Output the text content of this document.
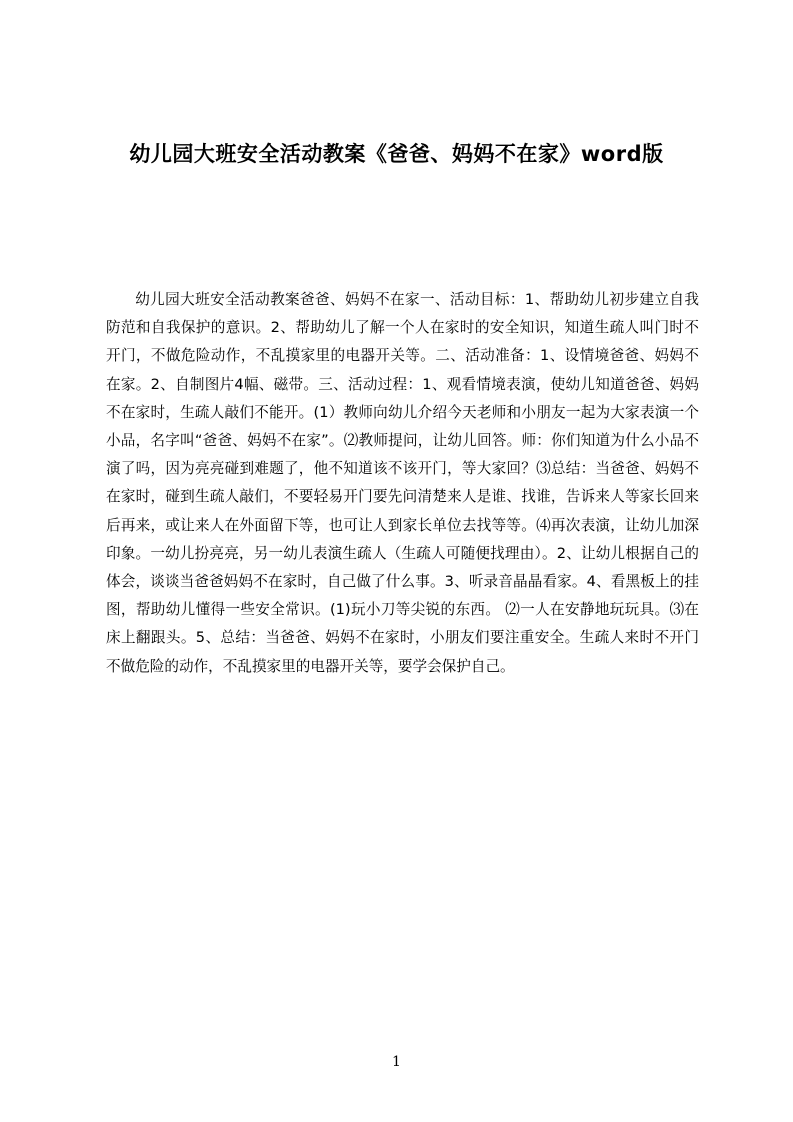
幼儿园大班安全活动教案《爸爸、妈妈不在家》word版
幼儿园大班安全活动教案爸爸、妈妈不在家一、活动目标：1、帮助幼儿初步建立自我防范和自我保护的意识。2、帮助幼儿了解一个人在家时的安全知识，知道生疏人叫门时不开门，不做危险动作，不乱摸家里的电器开关等。二、活动准备：1、设情境爸爸、妈妈不在家。2、自制图片4幅、磁带。三、活动过程：1、观看情境表演，使幼儿知道爸爸、妈妈不在家时，生疏人敲们不能开。(1）教师向幼儿介绍今天老师和小朋友一起为大家表演一个小品，名字叫“爸爸、妈妈不在家”。⑵教师提问，让幼儿回答。师：你们知道为什么小品不演了吗，因为亮亮碰到难题了，他不知道该不该开门，等大家回？⑶总结：当爸爸、妈妈不在家时，碰到生疏人敲们，不要轻易开门要先问清楚来人是谁、找谁，告诉来人等家长回来后再来，或让来人在外面留下等，也可让人到家长单位去找等等。⑷再次表演，让幼儿加深印象。一幼儿扮亮亮，另一幼儿表演生疏人（生疏人可随便找理由）。2、让幼儿根据自己的体会，谈谈当爸爸妈妈不在家时，自己做了什么事。3、听录音晶晶看家。4、看黑板上的挂图，帮助幼儿懂得一些安全常识。(1)玩小刀等尖锐的东西。 ⑵一人在安静地玩玩具。⑶在床上翻跟头。5、总结：当爸爸、妈妈不在家时，小朋友们要注重安全。生疏人来时不开门不做危险的动作，不乱摸家里的电器开关等，要学会保护自己。
1
